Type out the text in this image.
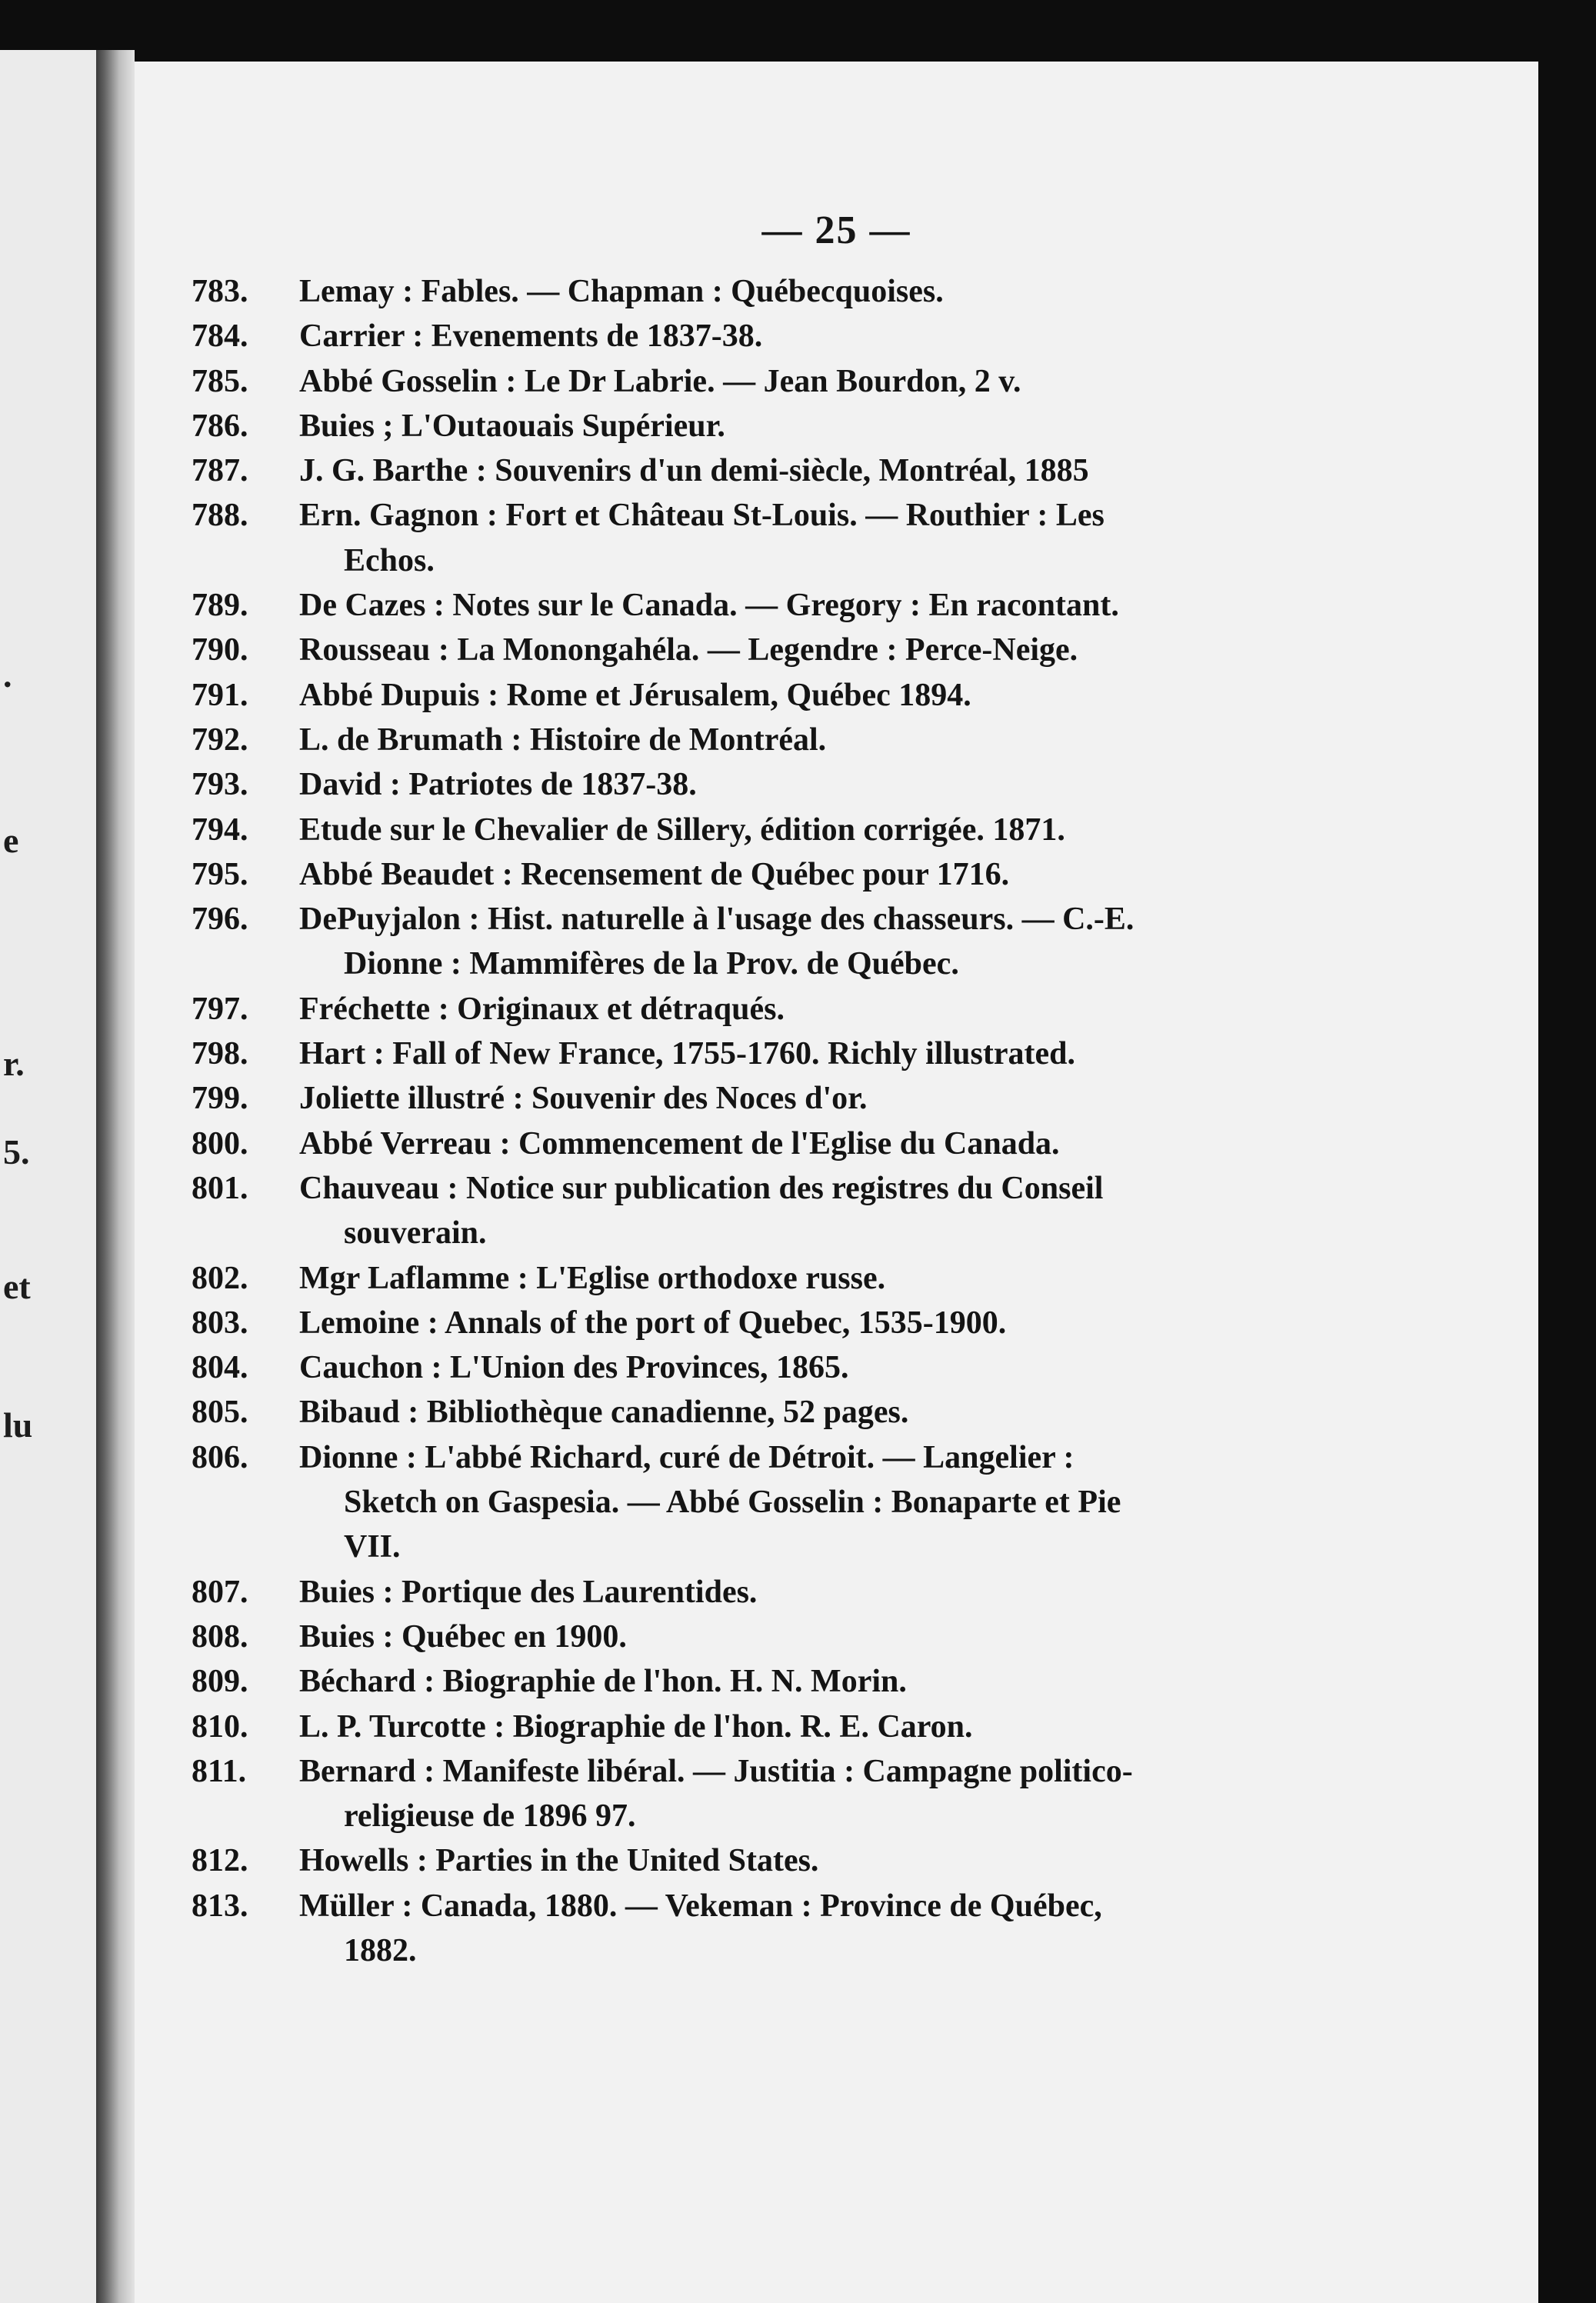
.
e
r.
5.
et
lu
— 25 —
783.	Lemay : Fables. — Chapman : Québecquoises.
784.	Carrier : Evenements de 1837-38.
785.	Abbé Gosselin : Le Dr Labrie. — Jean Bourdon, 2 v.
786.	Buies ; L'Outaouais Supérieur.
787.	J. G. Barthe : Souvenirs d'un demi-siècle, Montréal, 1885
788.	Ern. Gagnon : Fort et Château St-Louis. — Routhier : Les
Echos.
789.	De Cazes : Notes sur le Canada. — Gregory : En racontant.
790.	Rousseau : La Monongahéla. — Legendre : Perce-Neige.
791.	Abbé Dupuis : Rome et Jérusalem, Québec 1894.
792.	L. de Brumath : Histoire de Montréal.
793.	David : Patriotes de 1837-38.
794.	Etude sur le Chevalier de Sillery, édition corrigée. 1871.
795.	Abbé Beaudet : Recensement de Québec pour 1716.
796.	DePuyjalon : Hist. naturelle à l'usage des chasseurs. — C.-E.
Dionne : Mammifères de la Prov. de Québec.
797.	Fréchette : Originaux et détraqués.
798.	Hart : Fall of New France, 1755-1760. Richly illustrated.
799.	Joliette illustré : Souvenir des Noces d'or.
800.	Abbé Verreau : Commencement de l'Eglise du Canada.
801.	Chauveau : Notice sur publication des registres du Conseil
souverain.
802.	Mgr Laflamme : L'Eglise orthodoxe russe.
803.	Lemoine : Annals of the port of Quebec, 1535-1900.
804.	Cauchon : L'Union des Provinces, 1865.
805.	Bibaud : Bibliothèque canadienne, 52 pages.
806.	Dionne : L'abbé Richard, curé de Détroit. — Langelier :
Sketch on Gaspesia. — Abbé Gosselin : Bonaparte et Pie
VII.
807.	Buies : Portique des Laurentides.
808.	Buies : Québec en 1900.
809.	Béchard : Biographie de l'hon. H. N. Morin.
810.	L. P. Turcotte : Biographie de l'hon. R. E. Caron.
811.	Bernard : Manifeste libéral. — Justitia : Campagne politico-
religieuse de 1896 97.
812.	Howells : Parties in the United States.
813.	Müller : Canada, 1880. — Vekeman : Province de Québec,
1882.
